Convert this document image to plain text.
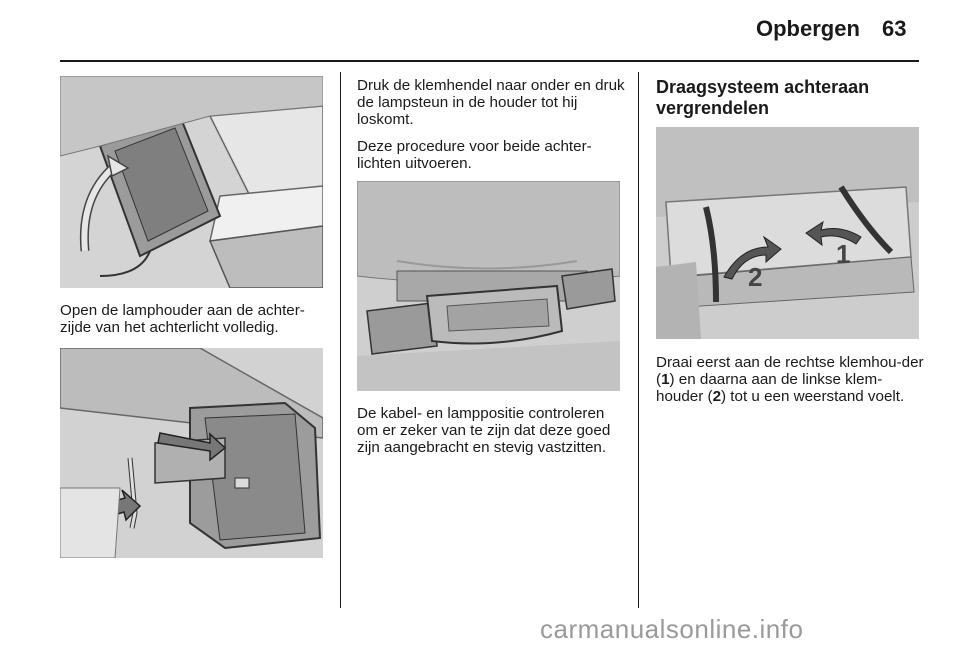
Opbergen 63
Open de lamphouder aan de achter-zijde van het achterlicht volledig.
Druk de klemhendel naar onder en druk de lampsteun in de houder tot hij loskomt.
Deze procedure voor beide achter-lichten uitvoeren.
De kabel- en lamppositie controleren om er zeker van te zijn dat deze goed zijn aangebracht en stevig vastzitten.
Draagsysteem achteraan vergrendelen
1
2
Draai eerst aan de rechtse klemhou-der (1) en daarna aan de linkse klem-houder (2) tot u een weerstand voelt.
carmanualsonline.info
